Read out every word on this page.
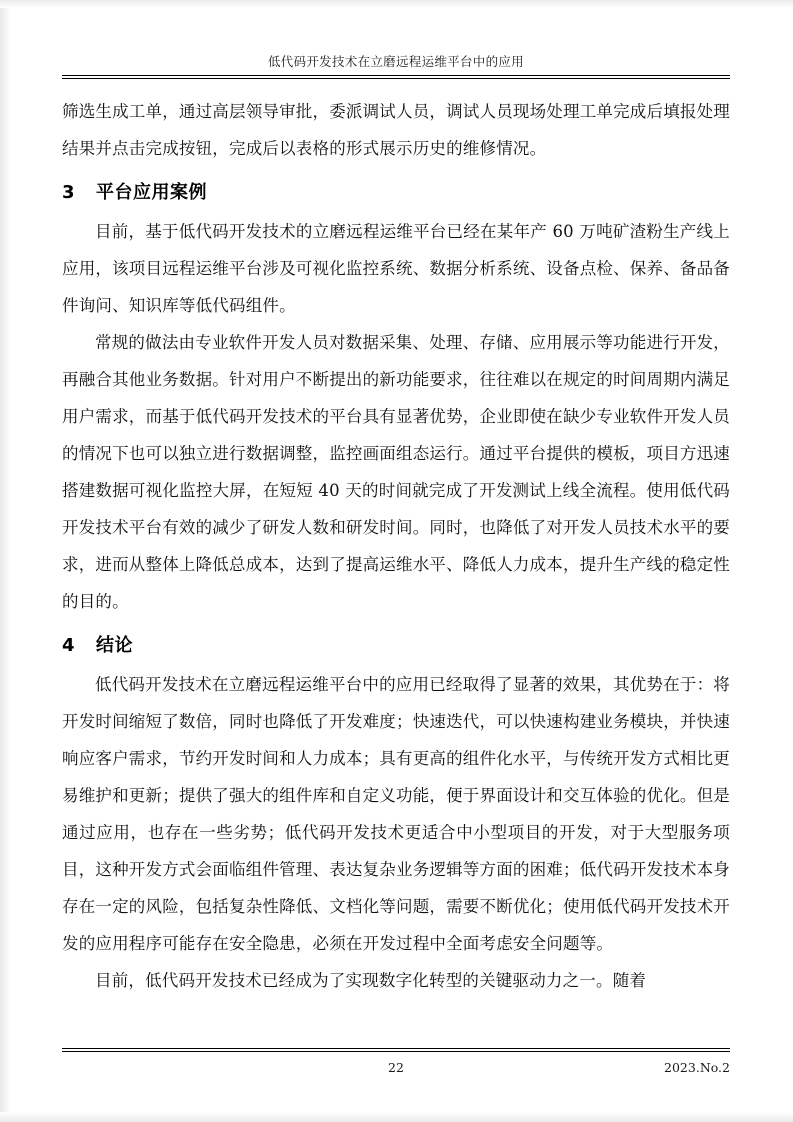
低代码开发技术在立磨远程运维平台中的应用

筛选生成工单，通过高层领导审批，委派调试人员，调试人员现场处理工单完成后填报处理结果并点击完成按钮，完成后以表格的形式展示历史的维修情况。

3 平台应用案例

目前，基于低代码开发技术的立磨远程运维平台已经在某年产 60 万吨矿渣粉生产线上应用，该项目远程运维平台涉及可视化监控系统、数据分析系统、设备点检、保养、备品备件询问、知识库等低代码组件。

常规的做法由专业软件开发人员对数据采集、处理、存储、应用展示等功能进行开发，再融合其他业务数据。针对用户不断提出的新功能要求，往往难以在规定的时间周期内满足用户需求，而基于低代码开发技术的平台具有显著优势，企业即使在缺少专业软件开发人员的情况下也可以独立进行数据调整，监控画面组态运行。通过平台提供的模板，项目方迅速搭建数据可视化监控大屏，在短短 40 天的时间就完成了开发测试上线全流程。使用低代码开发技术平台有效的减少了研发人数和研发时间。同时，也降低了对开发人员技术水平的要求，进而从整体上降低总成本，达到了提高运维水平、降低人力成本，提升生产线的稳定性的目的。

4 结论

低代码开发技术在立磨远程运维平台中的应用已经取得了显著的效果，其优势在于：将开发时间缩短了数倍，同时也降低了开发难度；快速迭代，可以快速构建业务模块，并快速响应客户需求，节约开发时间和人力成本；具有更高的组件化水平，与传统开发方式相比更易维护和更新；提供了强大的组件库和自定义功能，便于界面设计和交互体验的优化。但是通过应用，也存在一些劣势；低代码开发技术更适合中小型项目的开发，对于大型服务项目，这种开发方式会面临组件管理、表达复杂业务逻辑等方面的困难；低代码开发技术本身存在一定的风险，包括复杂性降低、文档化等问题，需要不断优化；使用低代码开发技术开发的应用程序可能存在安全隐患，必须在开发过程中全面考虑安全问题等。

目前，低代码开发技术已经成为了实现数字化转型的关键驱动力之一。随着

22	2023.No.2
